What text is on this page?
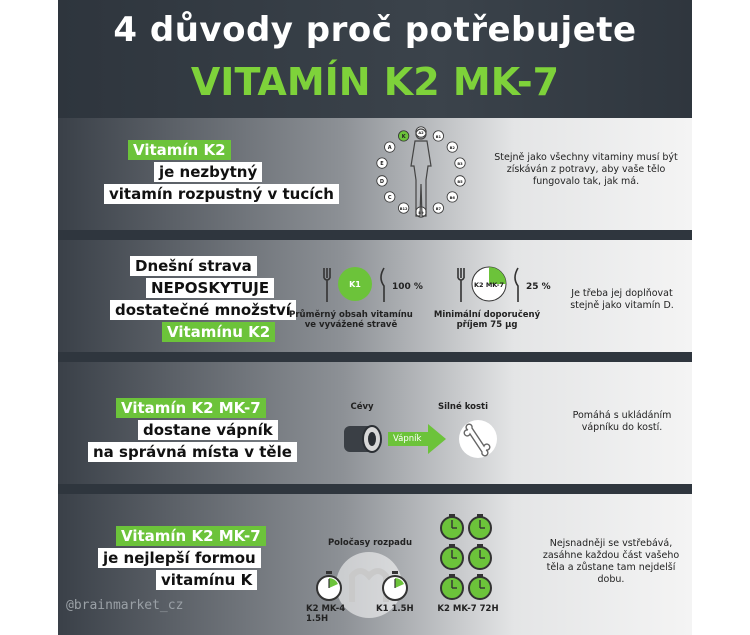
4 důvody proč potřebujete
VITAMÍN K2 MK-7
Vitamín K2
je nezbytný
vitamín rozpustný v tucích
K
A
E
D
C
B12
B9
B7
B6
B5
B3
B2
B1
A2
Stejně jako všechny vitaminy musí být získáván z potravy, aby vaše tělo fungovalo tak, jak má.
Dnešní strava
NEPOSKYTUJE
dostatečné množství
Vitamínu K2
K1	100 %
Průměrný obsah vitamínu ve vyvážené stravě
K2 MK-7 25 %
Minimální doporučený příjem 75 µg
Je třeba jej doplňovat stejně jako vitamín D.
Vitamín K2 MK-7
dostane vápník
na správná místa v těle
Cévy	Silné kosti
Vápník
Pomáhá s ukládáním vápníku do kostí.
Vitamín K2 MK-7
je nejlepší formou
vitamínu K
Poločasy rozpadu
K2 MK-4 1.5H
K1 1.5H	K2 MK-7 72H
Nejsnadněji se vstřebává, zasáhne každou část vašeho těla a zůstane tam nejdelší dobu.
@brainmarket_cz
